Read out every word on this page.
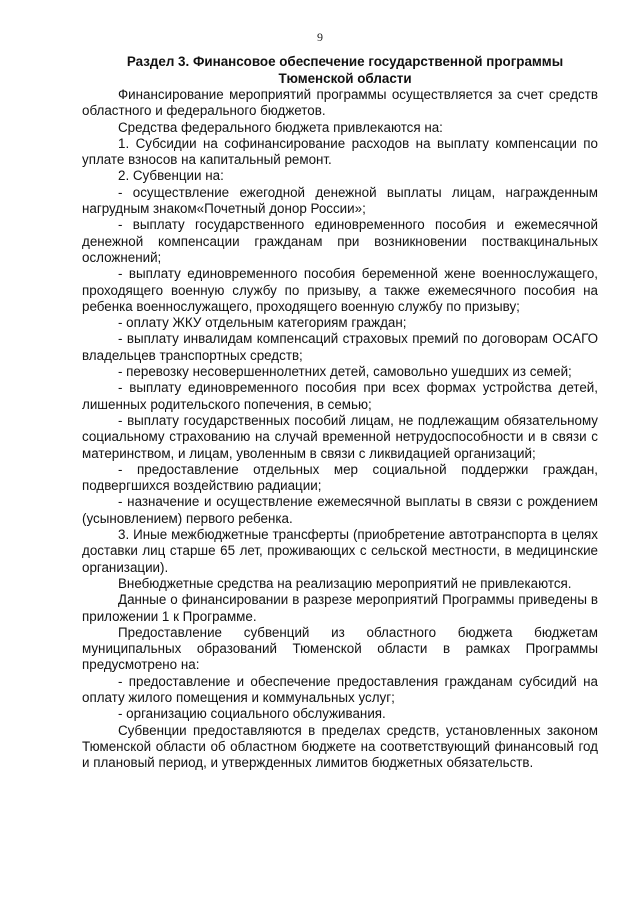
9
Раздел 3. Финансовое обеспечение государственной программы
Тюменской области

Финансирование мероприятий программы осуществляется за счет средств областного и федерального бюджетов.

Средства федерального бюджета привлекаются на:

1. Субсидии на софинансирование расходов на выплату компенсации по уплате взносов на капитальный ремонт.

2. Субвенции на:

- осуществление ежегодной денежной выплаты лицам, награжденным нагрудным знаком«Почетный донор России»;

- выплату государственного единовременного пособия и ежемесячной денежной компенсации гражданам при возникновении поствакцинальных осложнений;

- выплату единовременного пособия беременной жене военнослужащего, проходящего военную службу по призыву, а также ежемесячного пособия на ребенка военнослужащего, проходящего военную службу по призыву;

- оплату ЖКУ отдельным категориям граждан;

- выплату инвалидам компенсаций страховых премий по договорам ОСАГО владельцев транспортных средств;

- перевозку несовершеннолетних детей, самовольно ушедших из семей;

- выплату единовременного пособия при всех формах устройства детей, лишенных родительского попечения, в семью;

- выплату государственных пособий лицам, не подлежащим обязательному социальному страхованию на случай временной нетрудоспособности и в связи с материнством, и лицам, уволенным в связи с ликвидацией организаций;

- предоставление отдельных мер социальной поддержки граждан, подвергшихся воздействию радиации;

- назначение и осуществление ежемесячной выплаты в связи с рождением (усыновлением) первого ребенка.

3. Иные межбюджетные трансферты (приобретение автотранспорта в целях доставки лиц старше 65 лет, проживающих с сельской местности, в медицинские организации).

Внебюджетные средства на реализацию мероприятий не привлекаются.

Данные о финансировании в разрезе мероприятий Программы приведены в приложении 1 к Программе.

Предоставление субвенций из областного бюджета бюджетам муниципальных образований Тюменской области в рамках Программы предусмотрено на:

- предоставление и обеспечение предоставления гражданам субсидий на оплату жилого помещения и коммунальных услуг;

- организацию социального обслуживания.

Субвенции предоставляются в пределах средств, установленных законом Тюменской области об областном бюджете на соответствующий финансовый год и плановый период, и утвержденных лимитов бюджетных обязательств.
